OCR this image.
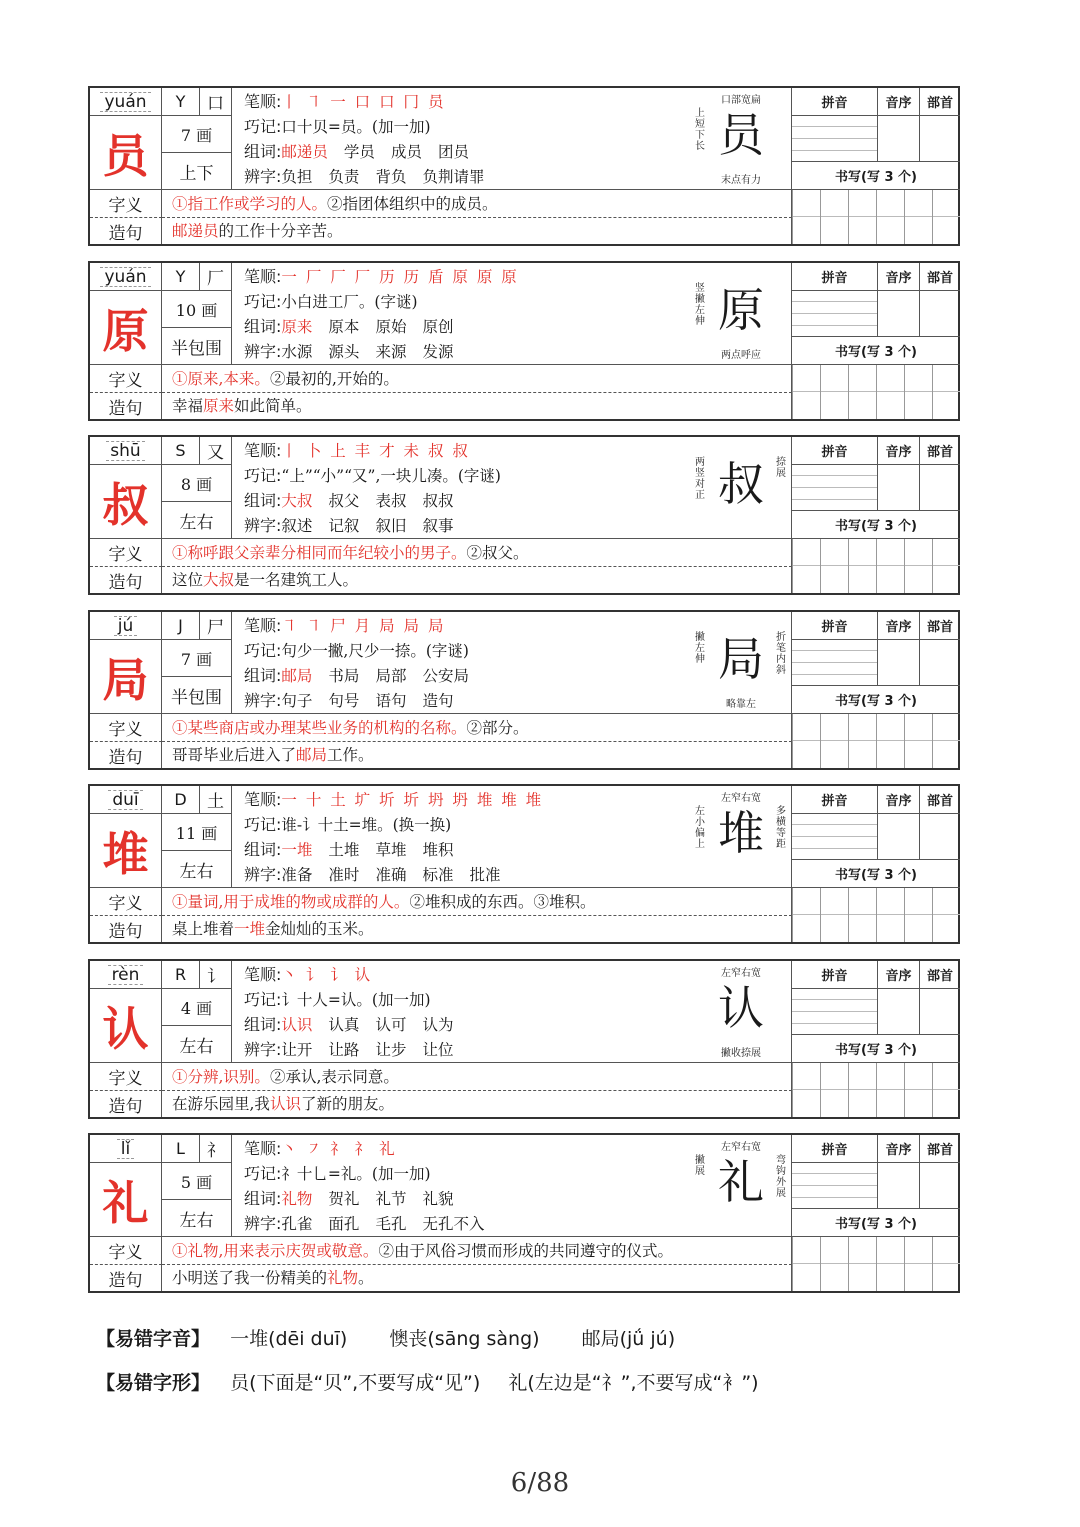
yuán
员
Y	口
7 画
上下
笔顺:丨 ㇕ 一 口 口 冂 员
巧记:口十贝=员。(加一加)
组词:邮递员 学员 成员 团员
辨字:负担 负责 背负 负荆请罪
口部宽扁
上
短
下
长 员
末点有力
拼音	音序	部首
书写(写 3 个)
字义	①指工作或学习的人。②指团体组织中的成员。
造句	邮递员的工作十分辛苦。
yuán
原
Y	厂
10 画
半包围
笔顺:一 厂 厂 厂 历 历 盾 原 原 原
巧记:小白进工厂。(字谜)
组词:原来 原本 原始 原创
辨字:水源 源头 来源 发源
竖
撇
左
伸 原
两点呼应
拼音	音序	部首
书写(写 3 个)
字义	①原来,本来。②最初的,开始的。
造句	幸福原来如此简单。
shū
叔
S	又
8 画
左右
笔顺:丨 卜 上 丰 才 未 叔 叔
巧记:“上”“小”“又”,一块儿凑。(字谜)
组词:大叔 叔父 表叔 叔叔
辨字:叙述 记叙 叙旧 叙事
两
竖
对
正 叔 捺
展
拼音	音序	部首
书写(写 3 个)
字义	①称呼跟父亲辈分相同而年纪较小的男子。②叔父。
造句	这位大叔是一名建筑工人。
jú
局
J	尸
7 画
半包围
笔顺:㇕ ㇕ 尸 月 局 局 局
巧记:句少一撇,尺少一捺。(字谜)
组词:邮局 书局 局部 公安局
辨字:句子 句号 语句 造句
撇
左
伸 局 折
笔
内
斜
略靠左
拼音	音序	部首
书写(写 3 个)
字义	①某些商店或办理某些业务的机构的名称。②部分。
造句	哥哥毕业后进入了邮局工作。
duī
堆
D	土
11 画
左右
笔顺:一 十 土 圹 圻 圻 坍 坍 堆 堆 堆
巧记:谁-讠十土=堆。(换一换)
组词:一堆 土堆 草堆 堆积
辨字:准备 准时 准确 标准 批准
左窄右宽
左
小
偏
上 堆 多
横
等
距
拼音	音序	部首
书写(写 3 个)
字义	①量词,用于成堆的物或成群的人。②堆积成的东西。③堆积。
造句	桌上堆着一堆金灿灿的玉米。
rèn
认
R	讠
4 画
左右
笔顺:丶 讠 讠 认
巧记:讠十人=认。(加一加)
组词:认识 认真 认可 认为
辨字:让开 让路 让步 让位
左窄右宽
认
撇收捺展
拼音	音序	部首
书写(写 3 个)
字义	①分辨,识别。②承认,表示同意。
造句	在游乐园里,我认识了新的朋友。
lǐ
礼
L	礻
5 画
左右
笔顺:丶 ㇇ 礻 礻 礼
巧记:礻十乚=礼。(加一加)
组词:礼物 贺礼 礼节 礼貌
辨字:孔雀 面孔 毛孔 无孔不入
左窄右宽
撇
展 礼 弯
钩
外
展
拼音	音序	部首
书写(写 3 个)
字义	①礼物,用来表示庆贺或敬意。②由于风俗习惯而形成的共同遵守的仪式。
造句	小明送了我一份精美的礼物。
【易错字音】 一堆(dēi duī) 懊丧(sāng sàng) 邮局(jǘ jú)
【易错字形】 员(下面是“贝”,不要写成“见”) 礼(左边是“礻”,不要写成“衤”)
6/88
